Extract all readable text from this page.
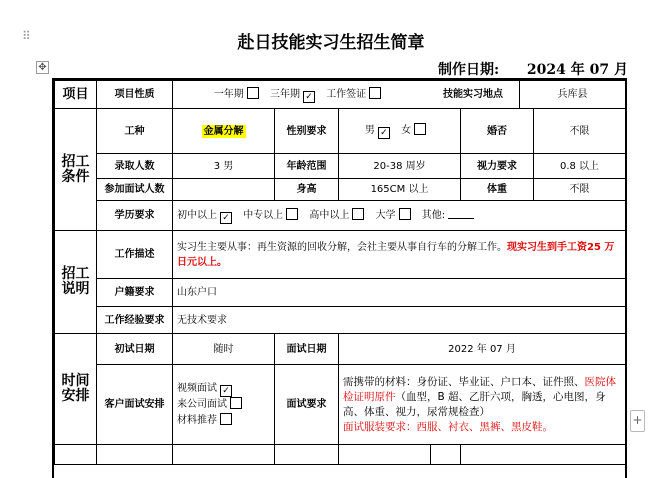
⠿	赴日技能实习生招生简章
制作日期: 2024 年 07 月
✥
项目	项目性质	一年期 三年期 ✓ 工作签证				技能实习地点 兵库县

招工条件	工种	金属分解	性别要求	男 ✓ 女		婚否 不限

	录取人数	3 男	年龄范围	20-38 周岁		视力要求 0.8 以上

	参加面试人数		身高	165CM 以上		体重 不限

	学历要求	初中以上 ✓ 中专以上 高中以上 大学 其他:				
招工说明	工作描述	实习生主要从事：再生资源的回收分解，会社主要从事自行车的分解工作。现实习生到手工资25 万日元以上。				
	户籍要求	山东户口				
	工作经验要求	无技术要求				
时间安排	初试日期	随时	面试日期	2022 年 07 月		
	客户面试安排	视频面试 ✓
来公司面试
材料推荐	面试要求	需携带的材料：身份证、毕业证、户口本、证件照、医院体检证明原件（血型，B 超、乙肝六项，胸透，心电图，身高、体重、视力，尿常规检查）
面试服装要求：西服、衬衣、黑裤、黑皮鞋。		
							+
